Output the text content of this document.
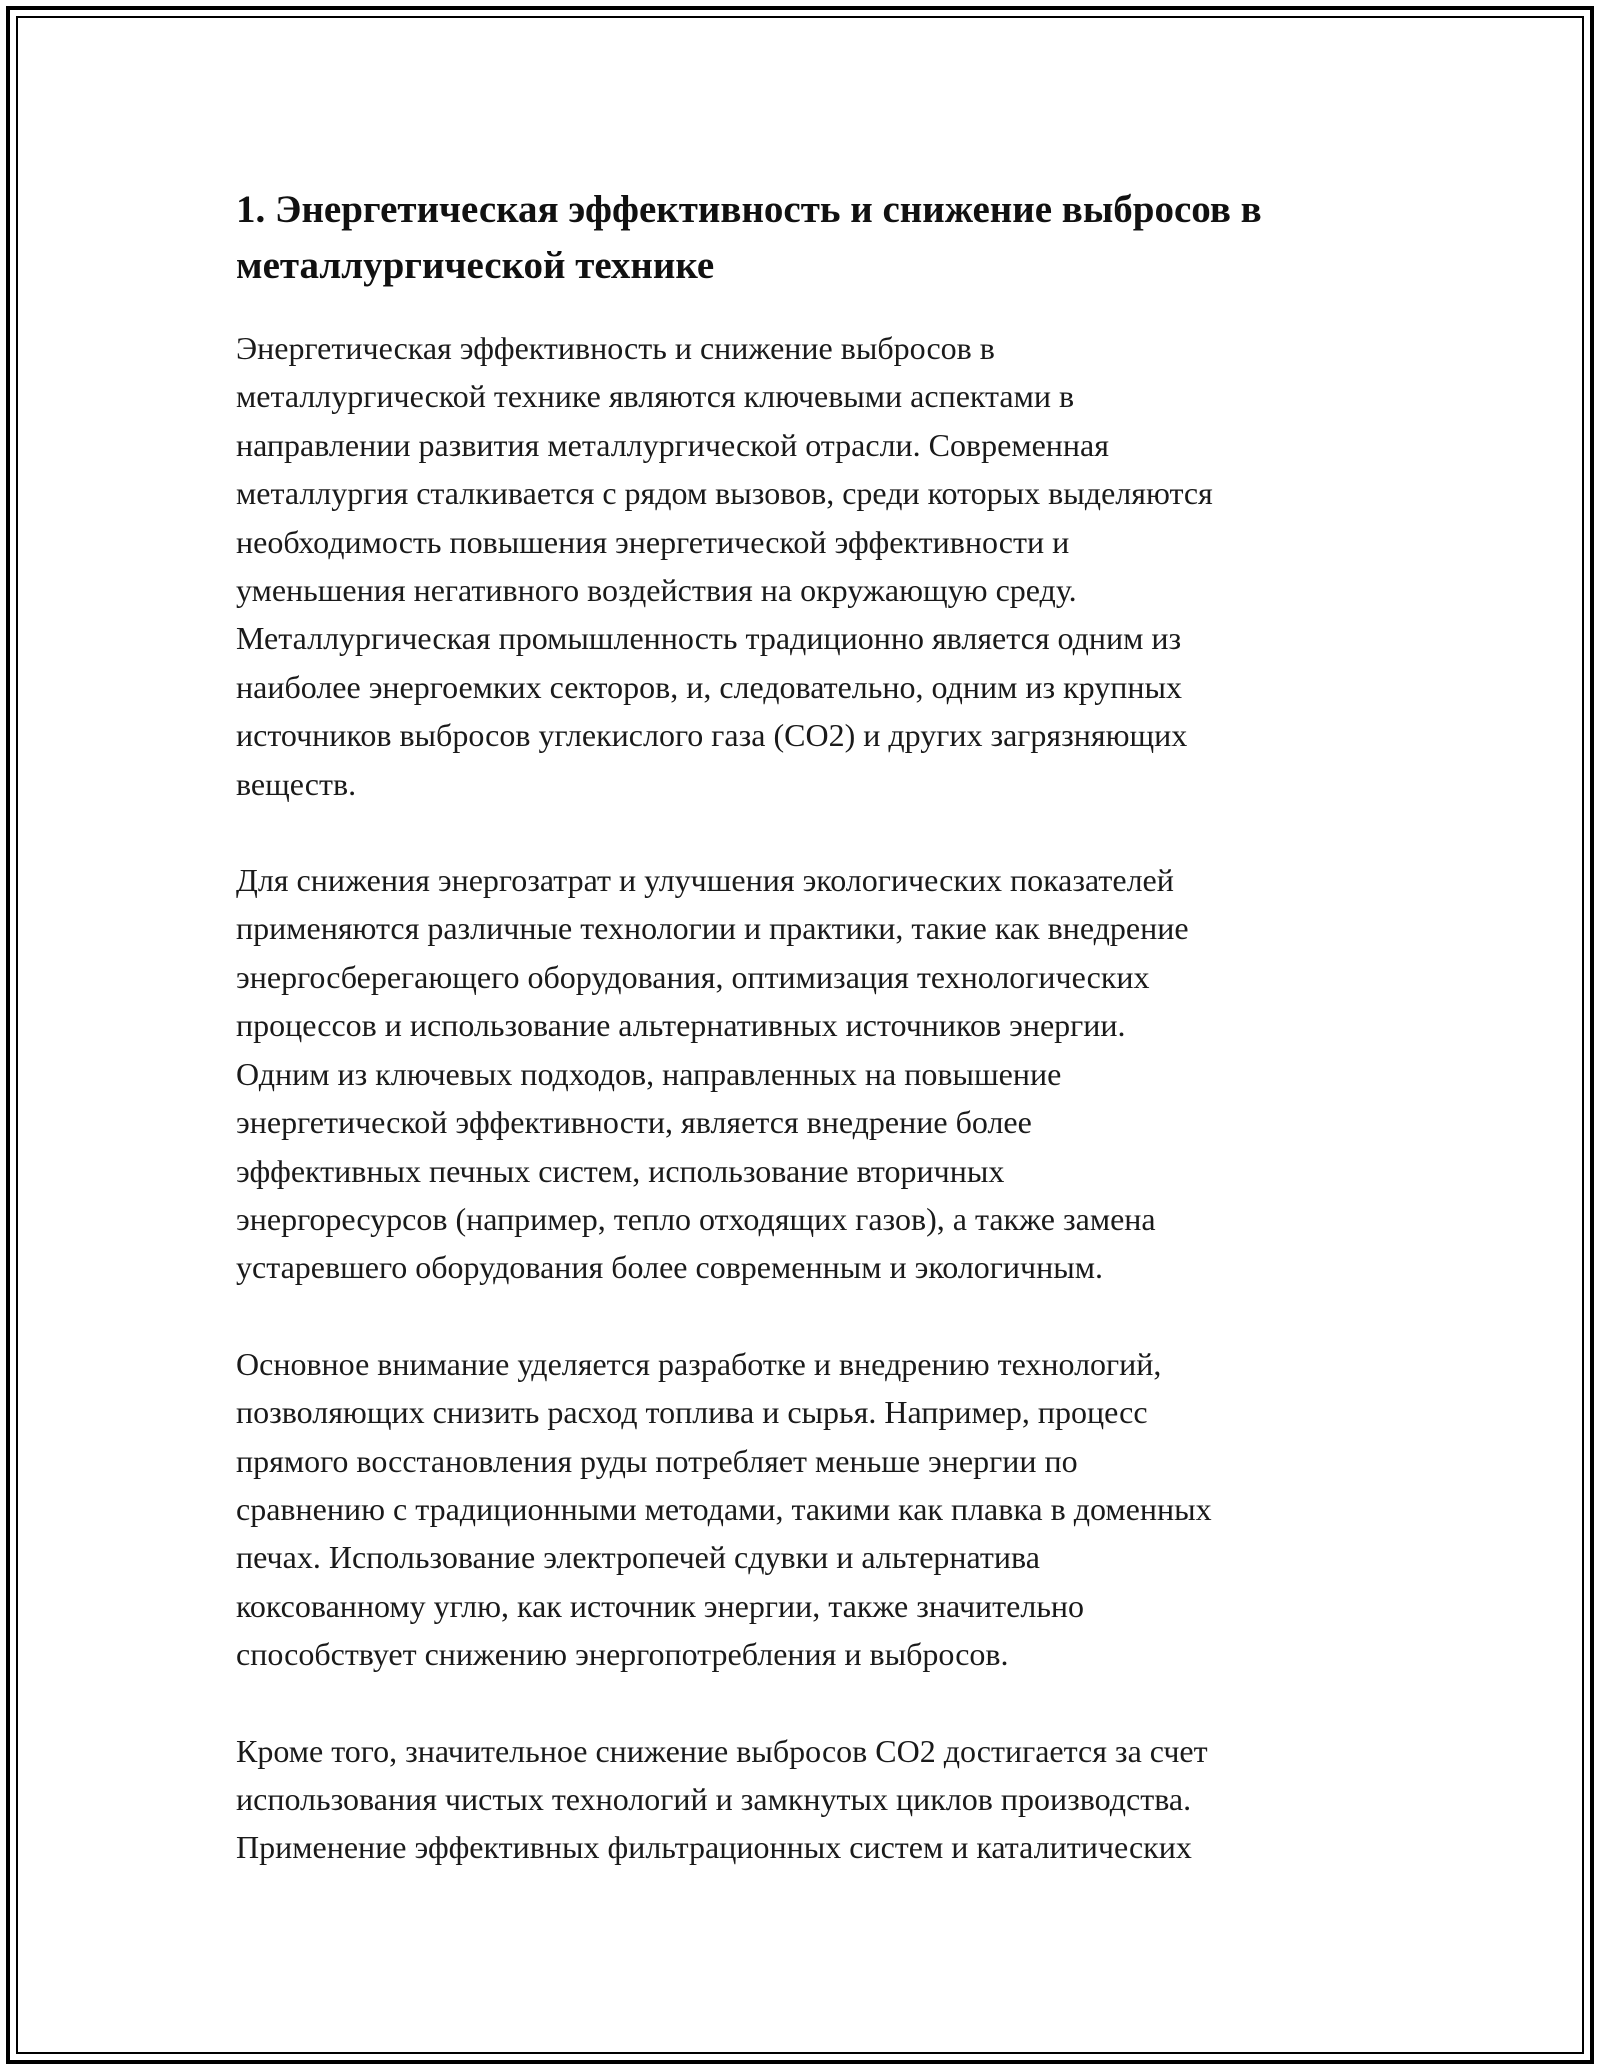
1. Энергетическая эффективность и снижение выбросов в
металлургической технике

Энергетическая эффективность и снижение выбросов в
металлургической технике являются ключевыми аспектами в
направлении развития металлургической отрасли. Современная
металлургия сталкивается с рядом вызовов, среди которых выделяются
необходимость повышения энергетической эффективности и
уменьшения негативного воздействия на окружающую среду.
Металлургическая промышленность традиционно является одним из
наиболее энергоемких секторов, и, следовательно, одним из крупных
источников выбросов углекислого газа (CO2) и других загрязняющих
веществ.

Для снижения энергозатрат и улучшения экологических показателей
применяются различные технологии и практики, такие как внедрение
энергосберегающего оборудования, оптимизация технологических
процессов и использование альтернативных источников энергии.
Одним из ключевых подходов, направленных на повышение
энергетической эффективности, является внедрение более
эффективных печных систем, использование вторичных
энергоресурсов (например, тепло отходящих газов), а также замена
устаревшего оборудования более современным и экологичным.

Основное внимание уделяется разработке и внедрению технологий,
позволяющих снизить расход топлива и сырья. Например, процесс
прямого восстановления руды потребляет меньше энергии по
сравнению с традиционными методами, такими как плавка в доменных
печах. Использование электропечей сдувки и альтернатива
коксованному углю, как источник энергии, также значительно
способствует снижению энергопотребления и выбросов.

Кроме того, значительное снижение выбросов CO2 достигается за счет
использования чистых технологий и замкнутых циклов производства.
Применение эффективных фильтрационных систем и каталитических
